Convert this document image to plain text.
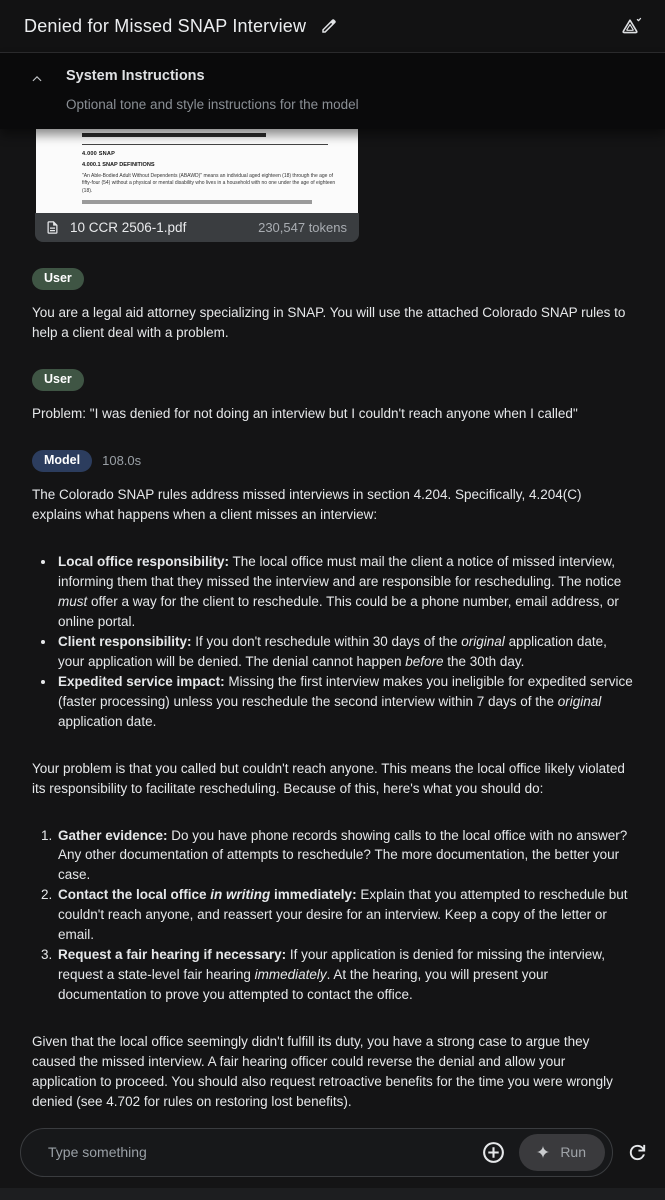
Denied for Missed SNAP Interview
System Instructions
Optional tone and style instructions for the model
4.000 SNAP
4.000.1 SNAP DEFINITIONS

"An Able-Bodied Adult Without Dependents (ABAWD)" means an individual aged eighteen (18) through the age of fifty-four (54) without a physical or mental disability who lives in a household with no one under the age of eighteen (18).

10 CCR 2506-1.pdf	230,547 tokens
User

You are a legal aid attorney specializing in SNAP. You will use the attached Colorado SNAP rules to help a client deal with a problem.

User

Problem: "I was denied for not doing an interview but I couldn't reach anyone when I called"

Model	108.0s

The Colorado SNAP rules address missed interviews in section 4.204. Specifically, 4.204(C) explains what happens when a client misses an interview:

• Local office responsibility: The local office must mail the client a notice of missed interview, informing them that they missed the interview and are responsible for rescheduling. The notice must offer a way for the client to reschedule. This could be a phone number, email address, or online portal.
• Client responsibility: If you don't reschedule within 30 days of the original application date, your application will be denied. The denial cannot happen before the 30th day.
• Expedited service impact: Missing the first interview makes you ineligible for expedited service (faster processing) unless you reschedule the second interview within 7 days of the original application date.

Your problem is that you called but couldn't reach anyone. This means the local office likely violated its responsibility to facilitate rescheduling. Because of this, here's what you should do:

1. Gather evidence: Do you have phone records showing calls to the local office with no answer? Any other documentation of attempts to reschedule? The more documentation, the better your case.
2. Contact the local office in writing immediately: Explain that you attempted to reschedule but couldn't reach anyone, and reassert your desire for an interview. Keep a copy of the letter or email.
3. Request a fair hearing if necessary: If your application is denied for missing the interview, request a state-level fair hearing immediately. At the hearing, you will present your documentation to prove you attempted to contact the office.

Given that the local office seemingly didn't fulfill its duty, you have a strong case to argue they caused the missed interview. A fair hearing officer could reverse the denial and allow your application to proceed. You should also request retroactive benefits for the time you were wrongly denied (see 4.702 for rules on restoring lost benefits).

Type something	Run
